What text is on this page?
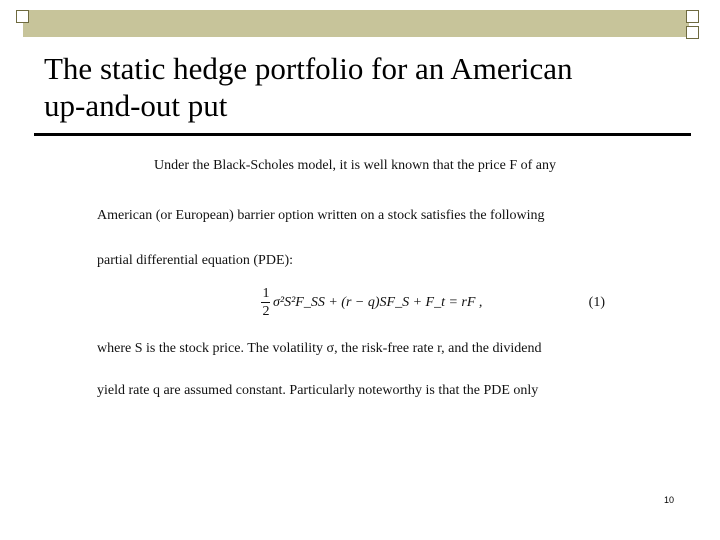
The static hedge portfolio for an American
up-and-out put
Under the Black-Scholes model, it is well known that the price F of any
American (or European) barrier option written on a stock satisfies the following
partial differential equation (PDE):
1
2
σ²S²F_SS + (r − q)SF_S + F_t = rF ,	(1)
where S is the stock price. The volatility σ, the risk-free rate r, and the dividend
yield rate q are assumed constant. Particularly noteworthy is that the PDE only
10
